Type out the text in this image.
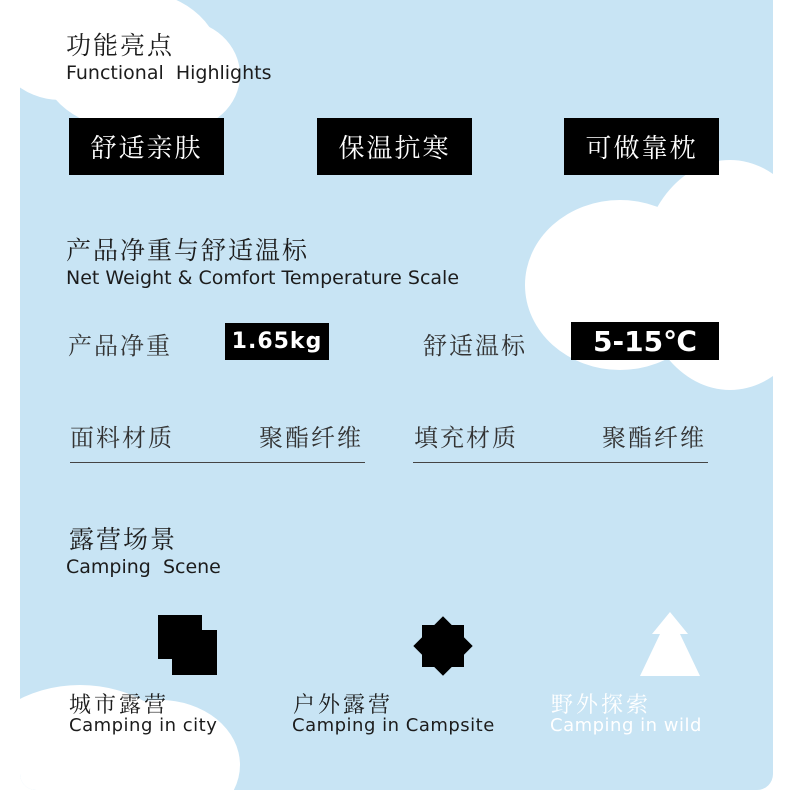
功能亮点
Functional  Highlights
舒适亲肤	保温抗寒	可做靠枕
产品净重与舒适温标
Net Weight & Comfort Temperature Scale
产品净重	1.65kg	舒适温标	5-15℃
面料材质	聚酯纤维 填充材质	聚酯纤维
露营场景
Camping  Scene
城市露营
Camping in city
户外露营
Camping in Campsite
野外探索
Camping in wild
